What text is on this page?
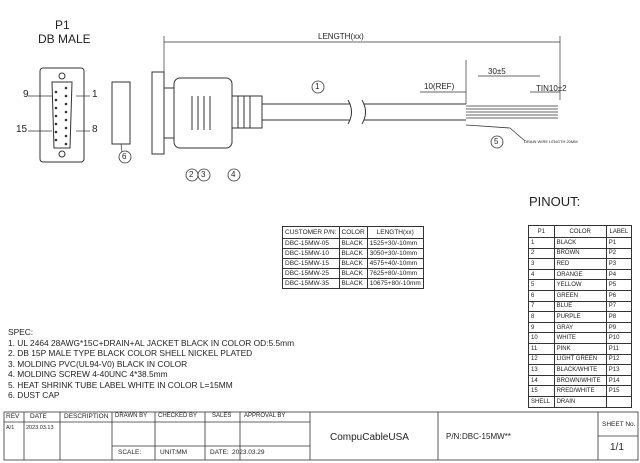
P1
DB MALE
9	1
15	8
LENGTH(xx)
10(REF)
30±5
TIN10±2
DRAIN WIRE LENGTH 20MM
1
2 3	4
5
6
PINOUT:
CUSTOMER P/N:	COLOR	LENGTH(xx)
DBC-15MW-05	BLACK	1525+30/-10mm
DBC-15MW-10	BLACK	3050+30/-10mm
DBC-15MW-15	BLACK	4575+40/-10mm
DBC-15MW-25	BLACK	7625+80/-10mm
DBC-15MW-35	BLACK	10675+80/-10mm
P1	COLOR	LABEL
1	BLACK	P1
2	BROWN	P2
3	RED	P3
4	ORANGE	P4
5	YELLOW	P5
6	GREEN	P6
7	BLUE	P7
8	PURPLE	P8
9	GRAY	P9
10	WHITE	P10
11	PINK	P11
12	LIGHT GREEN	P12
13	BLACK/WHITE	P13
14	BROWN/WHITE	P14
15	RRED/WHITE	P15
SHELL	DRAIN	
SPEC:
1. UL 2464 28AWG*15C+DRAIN+AL JACKET BLACK IN COLOR OD:5.5mm
2. DB 15P MALE TYPE BLACK COLOR SHELL NICKEL PLATED
3. MOLDING PVC(UL94-V0) BLACK IN COLOR
4. MOLDING SCREW 4-40UNC 4*38.5mm
5. HEAT SHRINK TUBE LABEL WHITE IN COLOR L=15MM
6. DUST CAP
REV DATE	DESCRIPTION DRAWN BY CHECKED BY SALES APPROVAL BY
A/1 2023.03.13
SCALE:	UNIT:MM	DATE: 2023.03.29
CompuCableUSA	P/N: DBC-15MW**
SHEET No.
1/1
